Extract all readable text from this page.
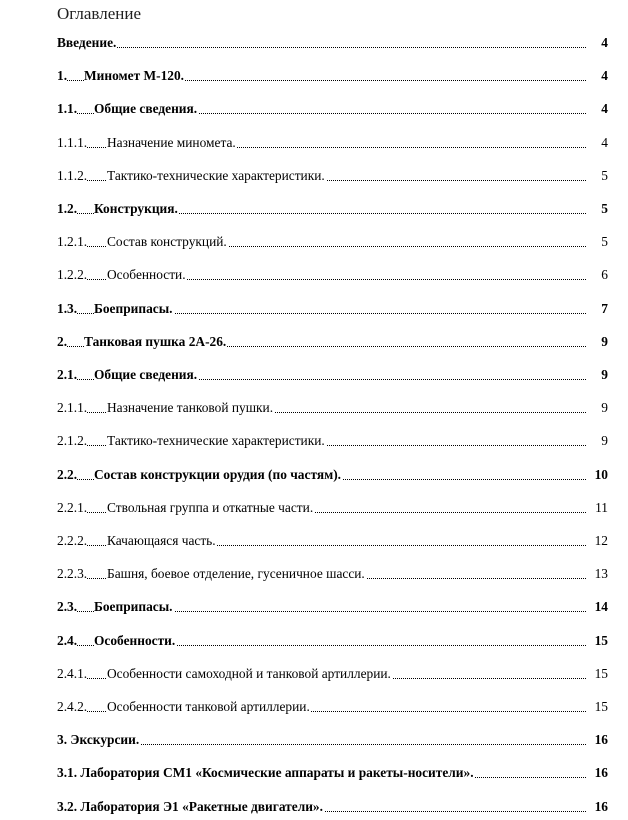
Оглавление
Введение.	4
1. Миномет М-120.	4
1.1. Общие сведения.	4
1.1.1. Назначение миномета.	4
1.1.2. Тактико-технические характеристики.	5
1.2. Конструкция.	5
1.2.1. Состав конструкций.	5
1.2.2. Особенности.	6
1.3. Боеприпасы.	7
2. Танковая пушка 2А-26.	9
2.1. Общие сведения.	9
2.1.1. Назначение танковой пушки.	9
2.1.2. Тактико-технические характеристики.	9
2.2. Состав конструкции орудия (по частям).	10
2.2.1. Ствольная группа и откатные части.	11
2.2.2. Качающаяся часть.	12
2.2.3. Башня, боевое отделение, гусеничное шасси.	13
2.3. Боеприпасы.	14
2.4. Особенности.	15
2.4.1. Особенности самоходной и танковой артиллерии.	15
2.4.2. Особенности танковой артиллерии.	15
3. Экскурсии.	16
3.1. Лаборатория СМ1 «Космические аппараты и ракеты-носители».	16
3.2. Лаборатория Э1 «Ракетные двигатели».	16
